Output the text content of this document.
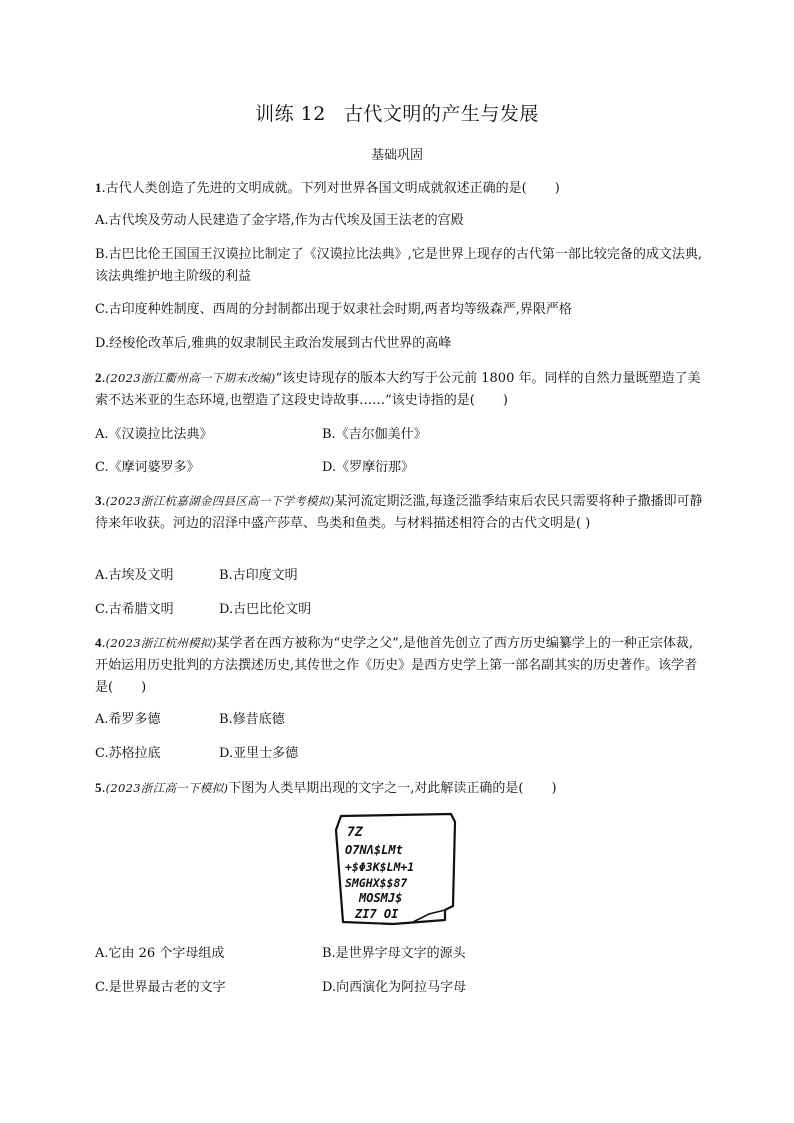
训练 12 古代文明的产生与发展
基础巩固
1.古代人类创造了先进的文明成就。下列对世界各国文明成就叙述正确的是( )
A.古代埃及劳动人民建造了金字塔,作为古代埃及国王法老的宫殿
B.古巴比伦王国国王汉谟拉比制定了《汉谟拉比法典》,它是世界上现存的古代第一部比较完备的成文法典,该法典维护地主阶级的利益
C.古印度种姓制度、西周的分封制都出现于奴隶社会时期,两者均等级森严,界限严格
D.经梭伦改革后,雅典的奴隶制民主政治发展到古代世界的高峰
2.(2023浙江衢州高一下期末改编)“该史诗现存的版本大约写于公元前 1800 年。同样的自然力量既塑造了美索不达米亚的生态环境,也塑造了这段史诗故事……”该史诗指的是( )
A.《汉谟拉比法典》	B.《吉尔伽美什》
C.《摩诃婆罗多》	D.《罗摩衍那》
3.(2023浙江杭嘉湖金四县区高一下学考模拟)某河流定期泛滥,每逢泛滥季结束后农民只需要将种子撒播即可静待来年收获。河边的沼泽中盛产莎草、鸟类和鱼类。与材料描述相符合的古代文明是( )
A.古埃及文明	B.古印度文明
C.古希腊文明	D.古巴比伦文明
4.(2023浙江杭州模拟)某学者在西方被称为“史学之父”,是他首先创立了西方历史编纂学上的一种正宗体裁,开始运用历史批判的方法撰述历史,其传世之作《历史》是西方史学上第一部名副其实的历史著作。该学者是( )
A.希罗多德	B.修昔底德
C.苏格拉底	D.亚里士多德
5.(2023浙江高一下模拟)下图为人类早期出现的文字之一,对此解读正确的是( )
7Z
O7NΛ$LMt
+$Φ3K$LM+1
SMGHX$$87
MOSMJ$
ZI7 OI
A.它由 26 个字母组成	B.是世界字母文字的源头
C.是世界最古老的文字	D.向西演化为阿拉马字母
